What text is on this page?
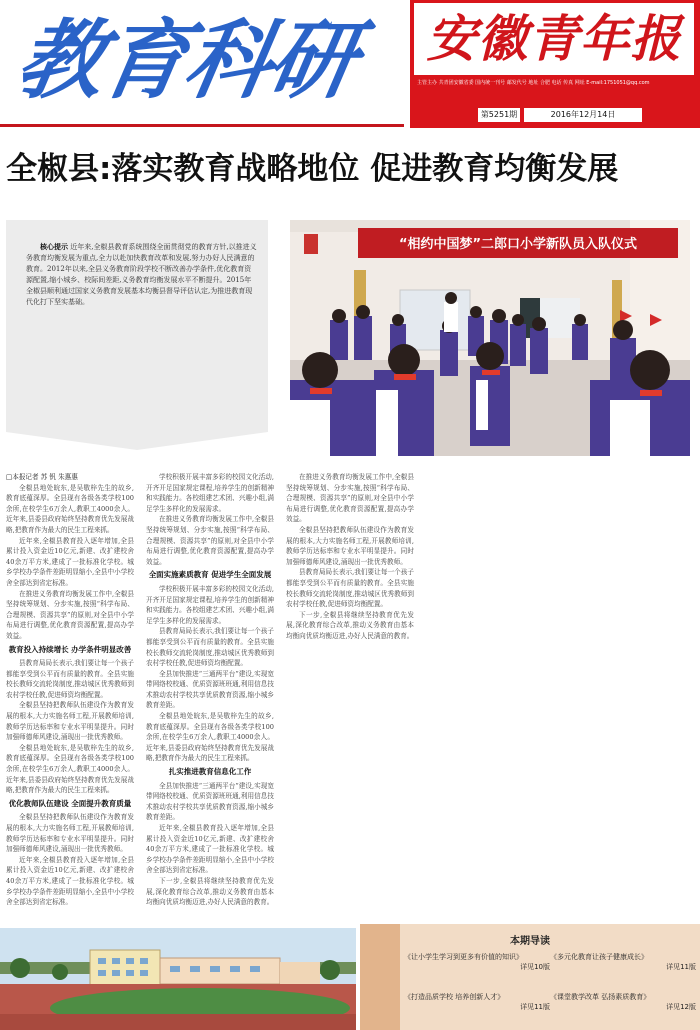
教育科研	安徽青年报
主管主办 共青团安徽省委 国内统一刊号 邮发代号 地址 合肥 电话 传真 网址 E-mail:1751051@qq.com
第5251期	2016年12月14日
全椒县:落实教育战略地位 促进教育均衡发展
核心提示 近年来,全椒县教育系统围绕全面贯彻党的教育方针,以推进义务教育均衡发展为重点,全力以赴加快教育改革和发展,努力办好人民满意的教育。2012年以来,全县义务教育阶段学校不断改善办学条件,优化教育资源配置,缩小城乡、校际间差距,义务教育均衡发展水平不断提升。2015年全椒县顺利通过国家义务教育发展基本均衡县督导评估认定,为推进教育现代化打下坚实基础。
“相约中国梦”二郎口小学新队员入队仪式

□本报记者 苏 钒 朱惠惠

全椒县地处皖东,是吴敬梓先生的故乡,教育底蕴深厚。全县现有各级各类学校100余所,在校学生6万余人,教职工4000余人。近年来,县委县政府始终坚持教育优先发展战略,把教育作为最大的民生工程来抓。

近年来,全椒县教育投入逐年增加,全县累计投入资金近10亿元,新建、改扩建校舍40余万平方米,建成了一批标准化学校。城乡学校办学条件差距明显缩小,全县中小学校舍全部达到省定标准。

在推进义务教育均衡发展工作中,全椒县坚持统筹规划、分步实施,按照“科学布局、合理规模、资源共享”的原则,对全县中小学布局进行调整,优化教育资源配置,提高办学效益。

教育投入持续增长 办学条件明显改善

县教育局局长表示,我们要让每一个孩子都能享受到公平而有质量的教育。全县实施校长教师交流轮岗制度,推动城区优秀教师到农村学校任教,促进师资均衡配置。

全椒县坚持把教师队伍建设作为教育发展的根本,大力实施名师工程,开展教师培训,教师学历达标率和专业水平明显提升。同时加强师德师风建设,涌现出一批优秀教师。

全椒县地处皖东,是吴敬梓先生的故乡,教育底蕴深厚。全县现有各级各类学校100余所,在校学生6万余人,教职工4000余人。近年来,县委县政府始终坚持教育优先发展战略,把教育作为最大的民生工程来抓。

优化教师队伍建设 全面提升教育质量

全椒县坚持把教师队伍建设作为教育发展的根本,大力实施名师工程,开展教师培训,教师学历达标率和专业水平明显提升。同时加强师德师风建设,涌现出一批优秀教师。

近年来,全椒县教育投入逐年增加,全县累计投入资金近10亿元,新建、改扩建校舍40余万平方米,建成了一批标准化学校。城乡学校办学条件差距明显缩小,全县中小学校舍全部达到省定标准。

学校积极开展丰富多彩的校园文化活动,开齐开足国家规定课程,培养学生的创新精神和实践能力。各校组建艺术团、兴趣小组,满足学生多样化的发展需求。

在推进义务教育均衡发展工作中,全椒县坚持统筹规划、分步实施,按照“科学布局、合理规模、资源共享”的原则,对全县中小学布局进行调整,优化教育资源配置,提高办学效益。

全面实施素质教育 促进学生全面发展

学校积极开展丰富多彩的校园文化活动,开齐开足国家规定课程,培养学生的创新精神和实践能力。各校组建艺术团、兴趣小组,满足学生多样化的发展需求。

县教育局局长表示,我们要让每一个孩子都能享受到公平而有质量的教育。全县实施校长教师交流轮岗制度,推动城区优秀教师到农村学校任教,促进师资均衡配置。

全县加快推进“三通两平台”建设,实现宽带网络校校通、优质资源班班通,利用信息技术推动农村学校共享优质教育资源,缩小城乡教育差距。

全椒县地处皖东,是吴敬梓先生的故乡,教育底蕴深厚。全县现有各级各类学校100余所,在校学生6万余人,教职工4000余人。近年来,县委县政府始终坚持教育优先发展战略,把教育作为最大的民生工程来抓。

扎实推进教育信息化工作

全县加快推进“三通两平台”建设,实现宽带网络校校通、优质资源班班通,利用信息技术推动农村学校共享优质教育资源,缩小城乡教育差距。

近年来,全椒县教育投入逐年增加,全县累计投入资金近10亿元,新建、改扩建校舍40余万平方米,建成了一批标准化学校。城乡学校办学条件差距明显缩小,全县中小学校舍全部达到省定标准。

下一步,全椒县将继续坚持教育优先发展,深化教育综合改革,推动义务教育由基本均衡向优质均衡迈进,办好人民满意的教育。

在推进义务教育均衡发展工作中,全椒县坚持统筹规划、分步实施,按照“科学布局、合理规模、资源共享”的原则,对全县中小学布局进行调整,优化教育资源配置,提高办学效益。

全椒县坚持把教师队伍建设作为教育发展的根本,大力实施名师工程,开展教师培训,教师学历达标率和专业水平明显提升。同时加强师德师风建设,涌现出一批优秀教师。

县教育局局长表示,我们要让每一个孩子都能享受到公平而有质量的教育。全县实施校长教师交流轮岗制度,推动城区优秀教师到农村学校任教,促进师资均衡配置。

下一步,全椒县将继续坚持教育优先发展,深化教育综合改革,推动义务教育由基本均衡向优质均衡迈进,办好人民满意的教育。

本期导读
《让小学生学习到更多有价值的知识》
详见10版
《多元化教育让孩子健康成长》
详见11版
《打造品质学校 培养创新人才》
详见11版
《课堂教学改革 弘扬素质教育》
详见12版
